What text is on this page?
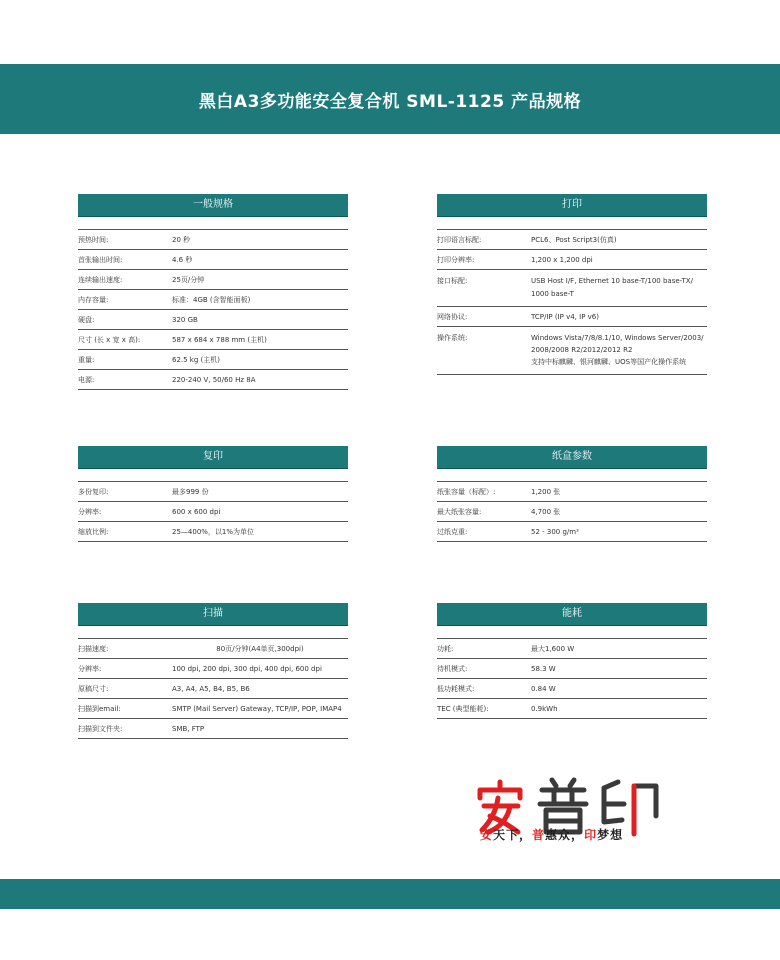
黑白A3多功能安全复合机 SML-1125 产品规格
一般规格
预热时间:	20 秒
首张输出时间:	4.6 秒
连续输出速度:	25页/分钟
内存容量:	标准：4GB (含智能面板)
硬盘:	320 GB
尺寸 (长 x 宽 x 高):	587 x 684 x 788 mm (主机)
重量:	62.5 kg (主机)
电源:	220-240 V, 50/60 Hz 8A
打印
打印语言标配:	PCL6、Post Script3(仿真)
打印分辨率:	1,200 x 1,200 dpi
接口标配:	USB Host I/F, Ethernet 10 base-T/100 base-TX/
1000 base-T
网络协议:	TCP/IP (IP v4, IP v6)
操作系统:	Windows Vista/7/8/8.1/10, Windows Server/2003/
2008/2008 R2/2012/2012 R2
支持中标麒麟、银河麒麟、UOS等国产化操作系统
复印
多份复印:	最多999 份
分辨率:	600 x 600 dpi
缩放比例:	25—400%，以1%为单位
纸盒参数
纸张容量（标配）:	1,200 张
最大纸张容量:	4,700 张
过纸克重:	52 - 300 g/m²
扫描
扫描速度:	80页/分钟(A4单页,300dpi)
分辨率:	100 dpi, 200 dpi, 300 dpi, 400 dpi, 600 dpi
原稿尺寸:	A3, A4, A5, B4, B5, B6
扫描到email:	SMTP (Mail Server) Gateway, TCP/IP, POP, IMAP4
扫描到文件夹:	SMB, FTP
能耗
功耗:	最大1,600 W
待机模式:	58.3 W
低功耗模式:	0.84 W
TEC (典型能耗):	0.9kWh
安天下，普惠众，印梦想
